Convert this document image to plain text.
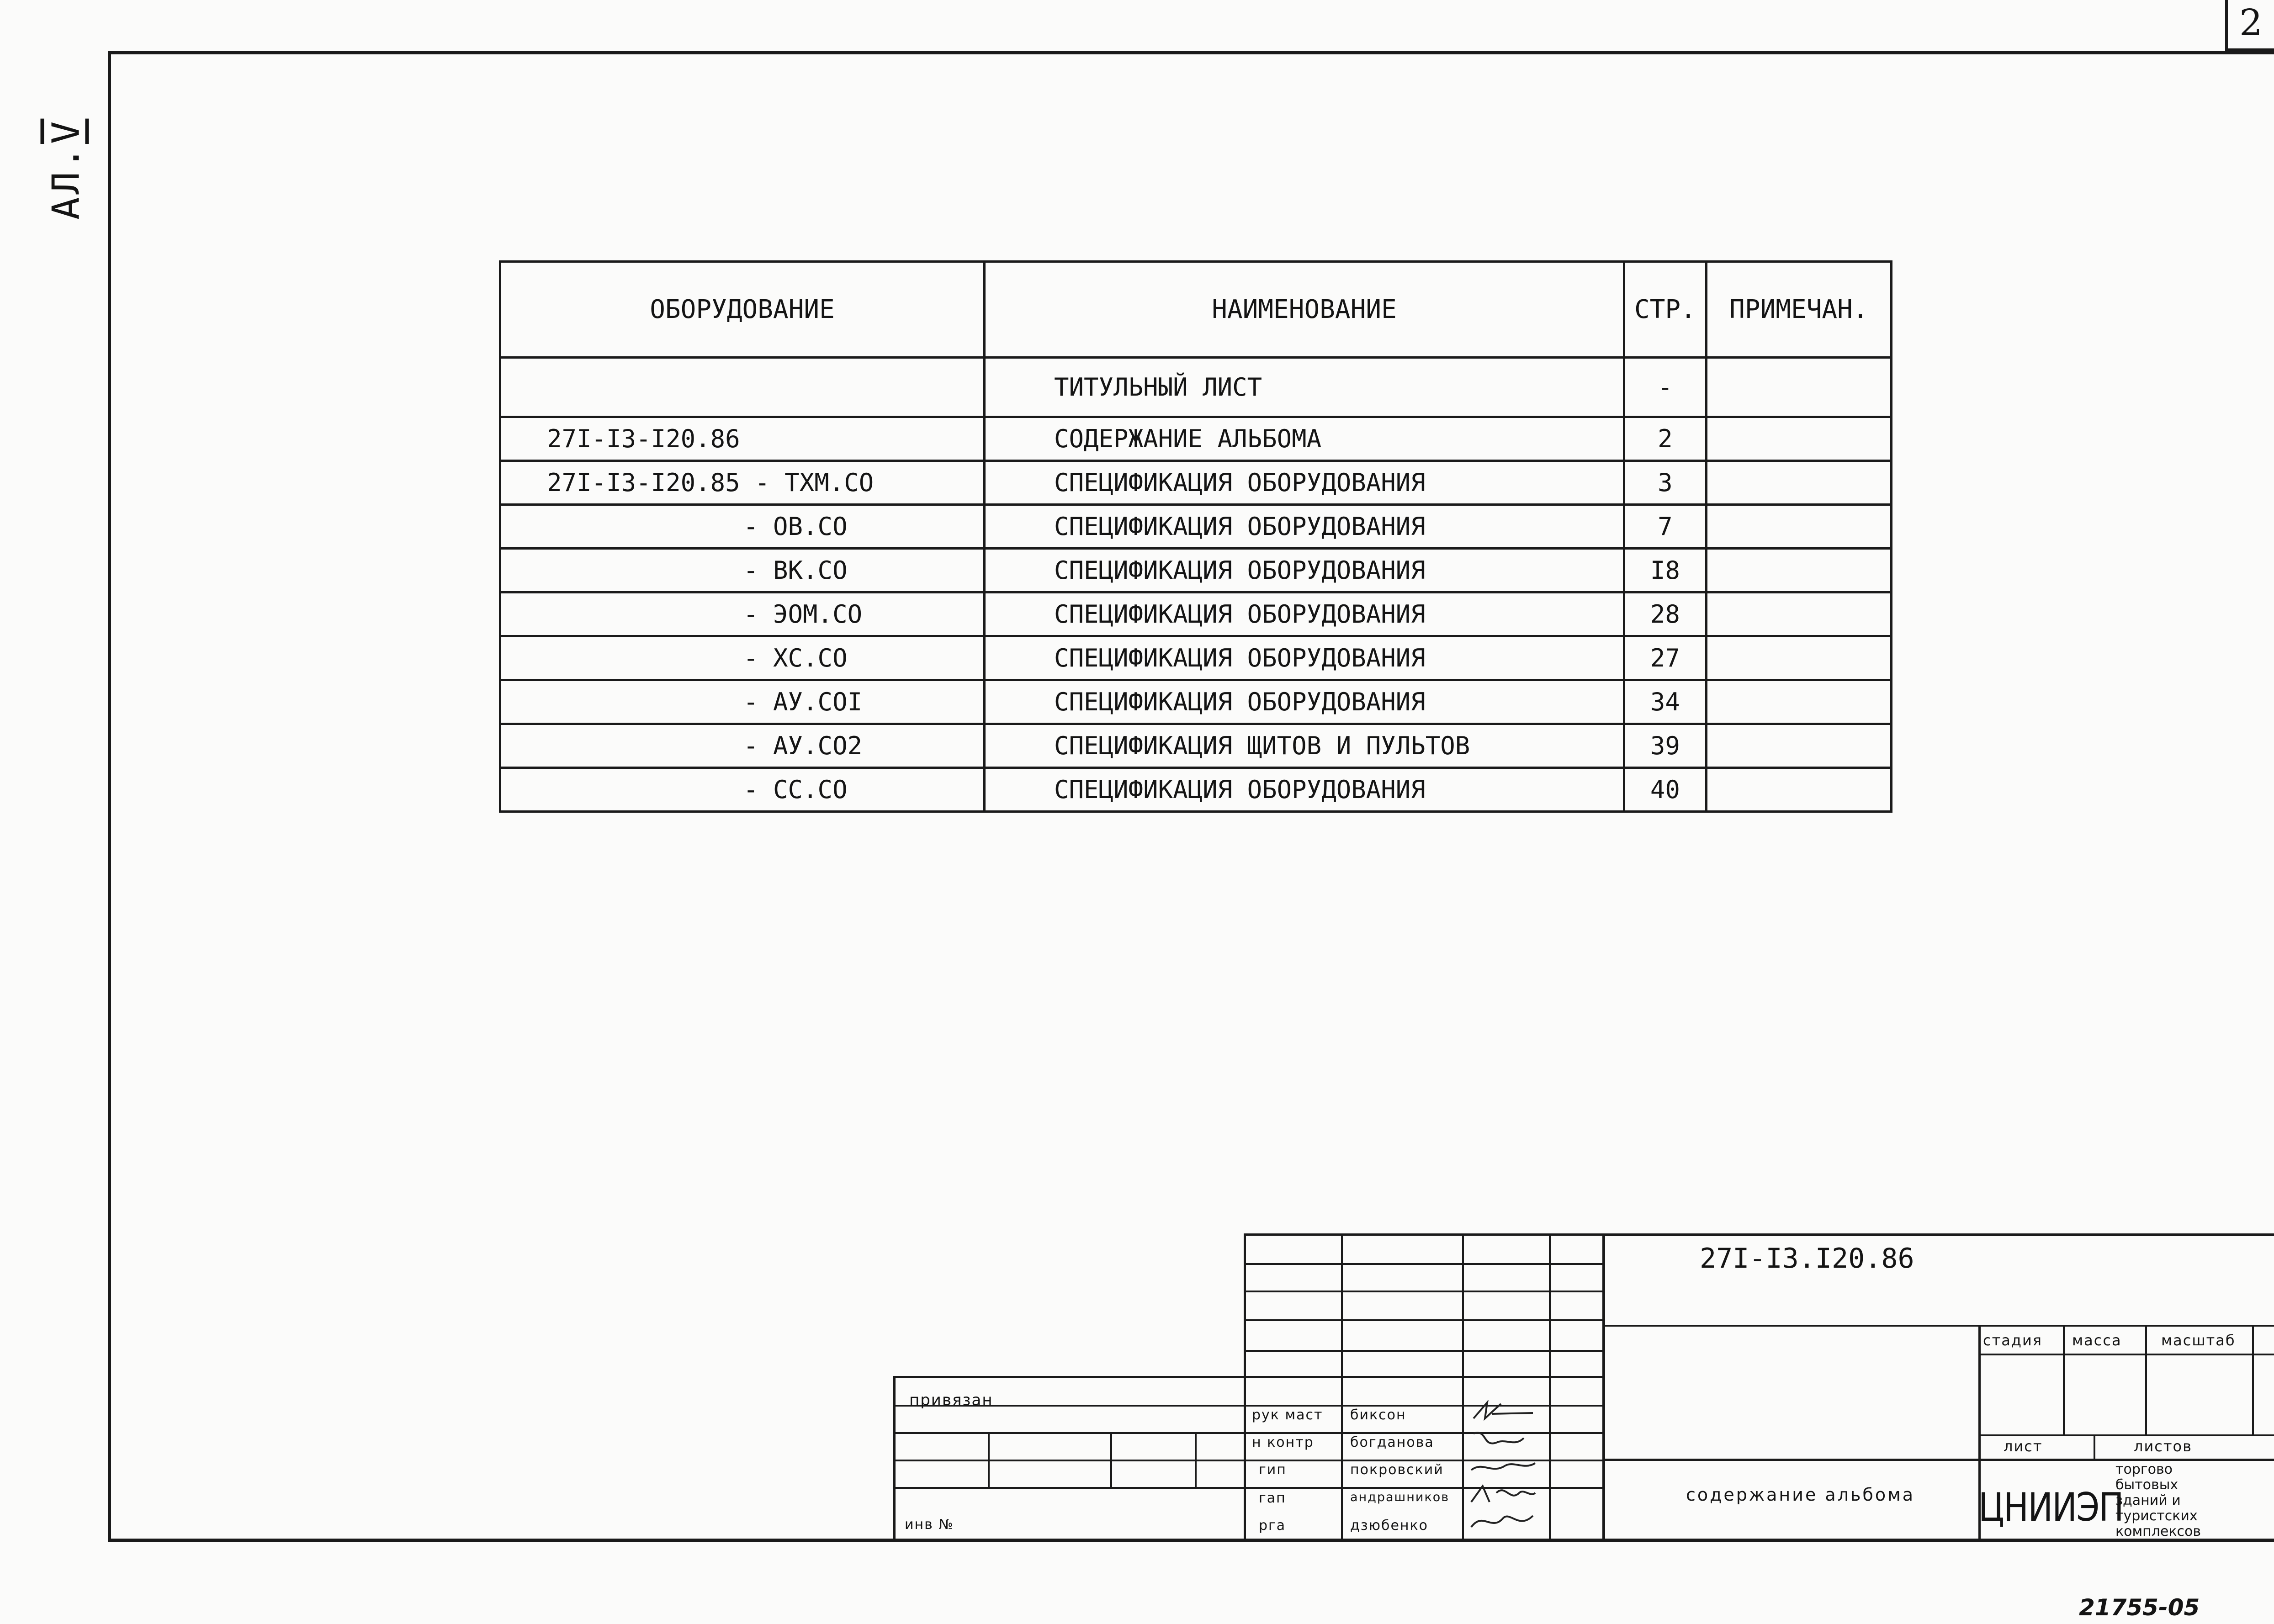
2
АЛ.
V
ОБОРУДОВАНИЕ	НАИМЕНОВАНИЕ	СТР.	ПРИМЕЧАН.
	ТИТУЛЬНЫЙ ЛИСТ	-	
27I-I3-I20.86	СОДЕРЖАНИЕ АЛЬБОМА	2	
27I-I3-I20.85 - ТХМ.СО	СПЕЦИФИКАЦИЯ ОБОРУДОВАНИЯ	3	
- ОВ.СО	СПЕЦИФИКАЦИЯ ОБОРУДОВАНИЯ	7	
- ВК.СО	СПЕЦИФИКАЦИЯ ОБОРУДОВАНИЯ	I8	
- ЭОМ.СО	СПЕЦИФИКАЦИЯ ОБОРУДОВАНИЯ	28	
- ХС.СО	СПЕЦИФИКАЦИЯ ОБОРУДОВАНИЯ	27	
- АУ.СОI	СПЕЦИФИКАЦИЯ ОБОРУДОВАНИЯ	34	
- АУ.СО2	СПЕЦИФИКАЦИЯ ЩИТОВ И ПУЛЬТОВ	39	
- СС.СО	СПЕЦИФИКАЦИЯ ОБОРУДОВАНИЯ	40	
27I-I3.I20.86
привязан
инв №
рук маст биксон
н контр	богданова
гип	покровский
гап	андрашников
рга	дзюбенко
содержание альбома
стадия масса	масштаб
лист	листов
ЦНИИЭП
торгово
бытовых
зданий и
туристских
комплексов
21755-05
